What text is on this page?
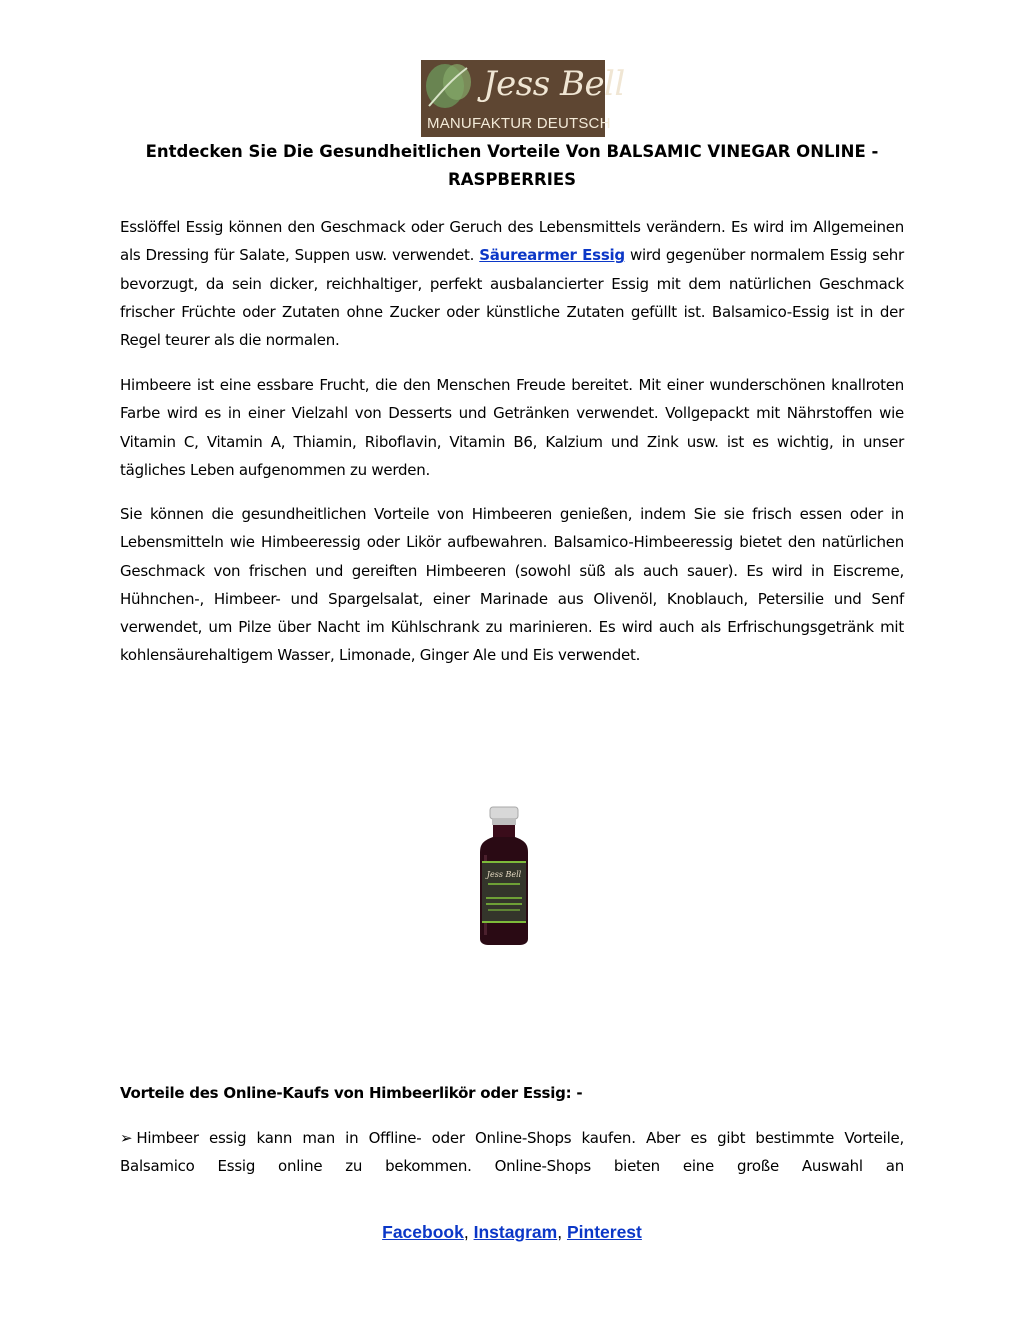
Jess Bell
MANUFAKTUR DEUTSCH
Entdecken Sie Die Gesundheitlichen Vorteile Von BALSAMIC VINEGAR ONLINE - RASPBERRIES

Esslöffel Essig können den Geschmack oder Geruch des Lebensmittels verändern. Es wird im Allgemeinen als Dressing für Salate, Suppen usw. verwendet. Säurearmer Essig wird gegenüber normalem Essig sehr bevorzugt, da sein dicker, reichhaltiger, perfekt ausbalancierter Essig mit dem natürlichen Geschmack frischer Früchte oder Zutaten ohne Zucker oder künstliche Zutaten gefüllt ist. Balsamico-Essig ist in der Regel teurer als die normalen.

Himbeere ist eine essbare Frucht, die den Menschen Freude bereitet. Mit einer wunderschönen knallroten Farbe wird es in einer Vielzahl von Desserts und Getränken verwendet. Vollgepackt mit Nährstoffen wie Vitamin C, Vitamin A, Thiamin, Riboflavin, Vitamin B6, Kalzium und Zink usw. ist es wichtig, in unser tägliches Leben aufgenommen zu werden.

Sie können die gesundheitlichen Vorteile von Himbeeren genießen, indem Sie sie frisch essen oder in Lebensmitteln wie Himbeeressig oder Likör aufbewahren. Balsamico-Himbeeressig bietet den natürlichen Geschmack von frischen und gereiften Himbeeren (sowohl süß als auch sauer). Es wird in Eiscreme, Hühnchen-, Himbeer- und Spargelsalat, einer Marinade aus Olivenöl, Knoblauch, Petersilie und Senf verwendet, um Pilze über Nacht im Kühlschrank zu marinieren. Es wird auch als Erfrischungsgetränk mit kohlensäurehaltigem Wasser, Limonade, Ginger Ale und Eis verwendet.

Jess Bell
Vorteile des Online-Kaufs von Himbeerlikör oder Essig: -

➢ Himbeer essig kann man in Offline- oder Online-Shops kaufen. Aber es gibt bestimmte Vorteile, Balsamico Essig online zu bekommen. Online-Shops bieten eine große Auswahl an

Facebook, Instagram, Pinterest
